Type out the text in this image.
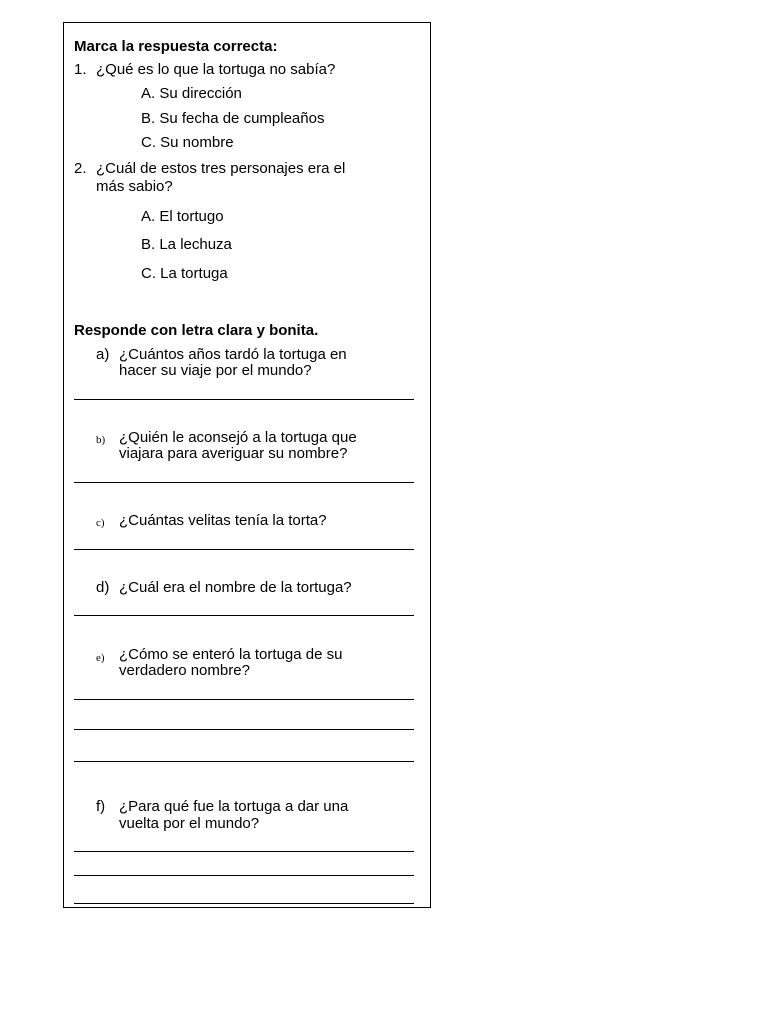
Marca la respuesta correcta:
1. ¿Qué es lo que la tortuga no sabía?
A. Su dirección
B. Su fecha de cumpleaños
C. Su nombre
2. ¿Cuál de estos tres personajes era el
más sabio?
A. El tortugo
B. La lechuza
C. La tortuga
Responde con letra clara y bonita.
a) ¿Cuántos años tardó la tortuga en
hacer su viaje por el mundo?
b) ¿Quién le aconsejó a la tortuga que
viajara para averiguar su nombre?
c) ¿Cuántas velitas tenía la torta?
d) ¿Cuál era el nombre de la tortuga?
e) ¿Cómo se enteró la tortuga de su
verdadero nombre?
f) ¿Para qué fue la tortuga a dar una
vuelta por el mundo?
